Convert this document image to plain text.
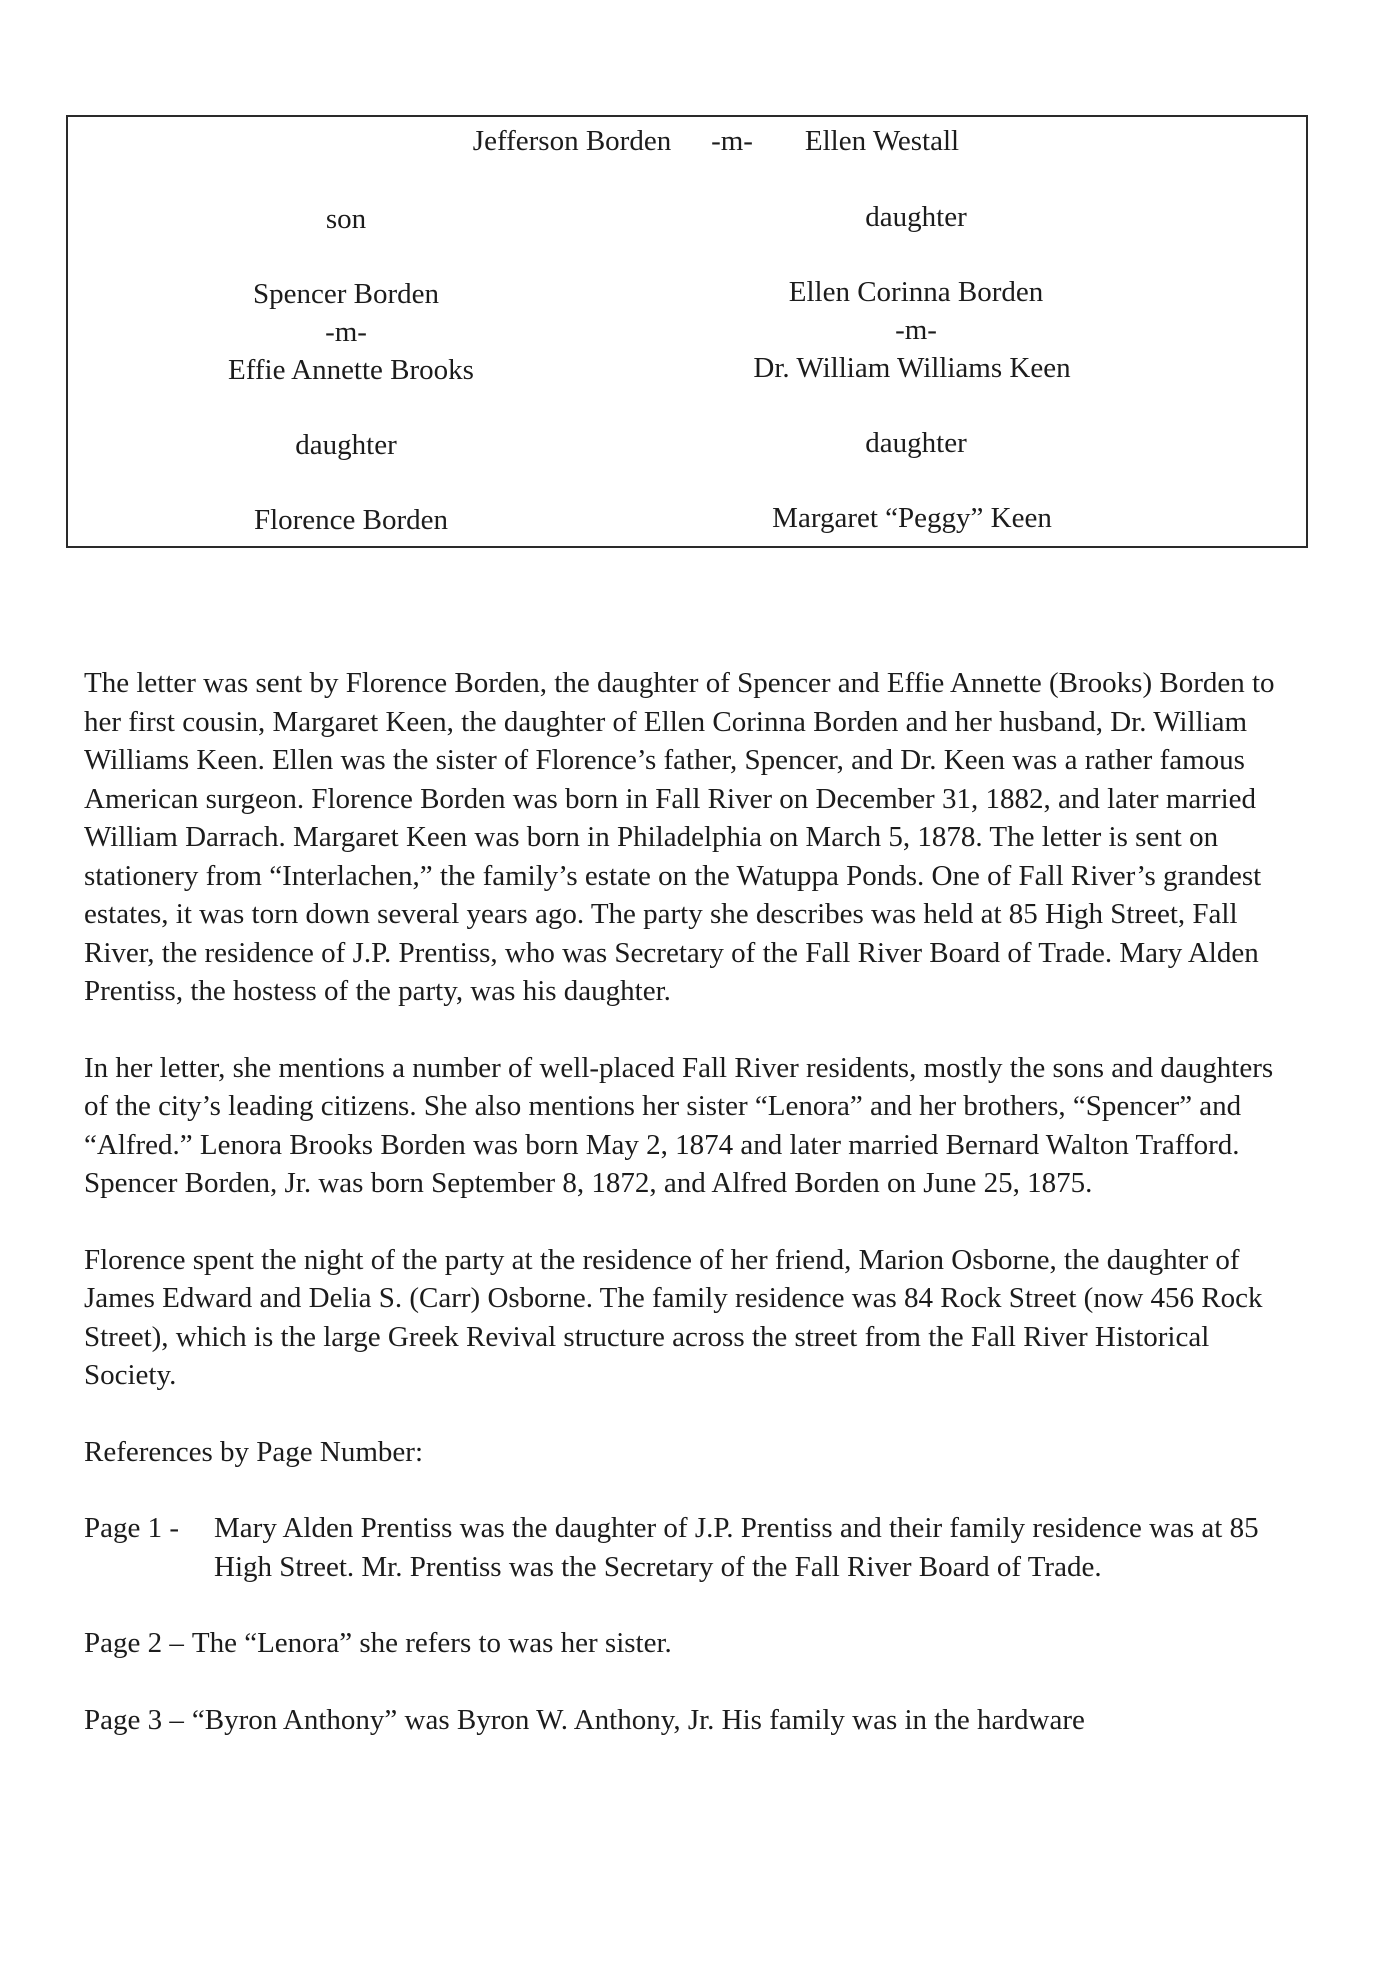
Jefferson Borden -m- Ellen Westall
son
Spencer Borden
-m-
Effie Annette Brooks
daughter
Florence Borden
daughter
Ellen Corinna Borden
-m-
Dr. William Williams Keen
daughter
Margaret “Peggy” Keen

The letter was sent by Florence Borden, the daughter of Spencer and Effie Annette (Brooks) Borden to her first cousin, Margaret Keen, the daughter of Ellen Corinna Borden and her husband, Dr. William Williams Keen. Ellen was the sister of Florence’s father, Spencer, and Dr. Keen was a rather famous American surgeon. Florence Borden was born in Fall River on December 31, 1882, and later married William Darrach. Margaret Keen was born in Philadelphia on March 5, 1878. The letter is sent on stationery from “Interlachen,” the family’s estate on the Watuppa Ponds. One of Fall River’s grandest estates, it was torn down several years ago. The party she describes was held at 85 High Street, Fall River, the residence of J.P. Prentiss, who was Secretary of the Fall River Board of Trade. Mary Alden Prentiss, the hostess of the party, was his daughter.

In her letter, she mentions a number of well-placed Fall River residents, mostly the sons and daughters of the city’s leading citizens. She also mentions her sister “Lenora” and her brothers, “Spencer” and “Alfred.” Lenora Brooks Borden was born May 2, 1874 and later married Bernard Walton Trafford. Spencer Borden, Jr. was born September 8, 1872, and Alfred Borden on June 25, 1875.

Florence spent the night of the party at the residence of her friend, Marion Osborne, the daughter of James Edward and Delia S. (Carr) Osborne. The family residence was 84 Rock Street (now 456 Rock Street), which is the large Greek Revival structure across the street from the Fall River Historical Society.

References by Page Number:
Page 1 -	Mary Alden Prentiss was the daughter of J.P. Prentiss and their family residence was at 85 High Street. Mr. Prentiss was the Secretary of the Fall River Board of Trade.
Page 2 – The “Lenora” she refers to was her sister.
Page 3 – “Byron Anthony” was Byron W. Anthony, Jr. His family was in the hardware
